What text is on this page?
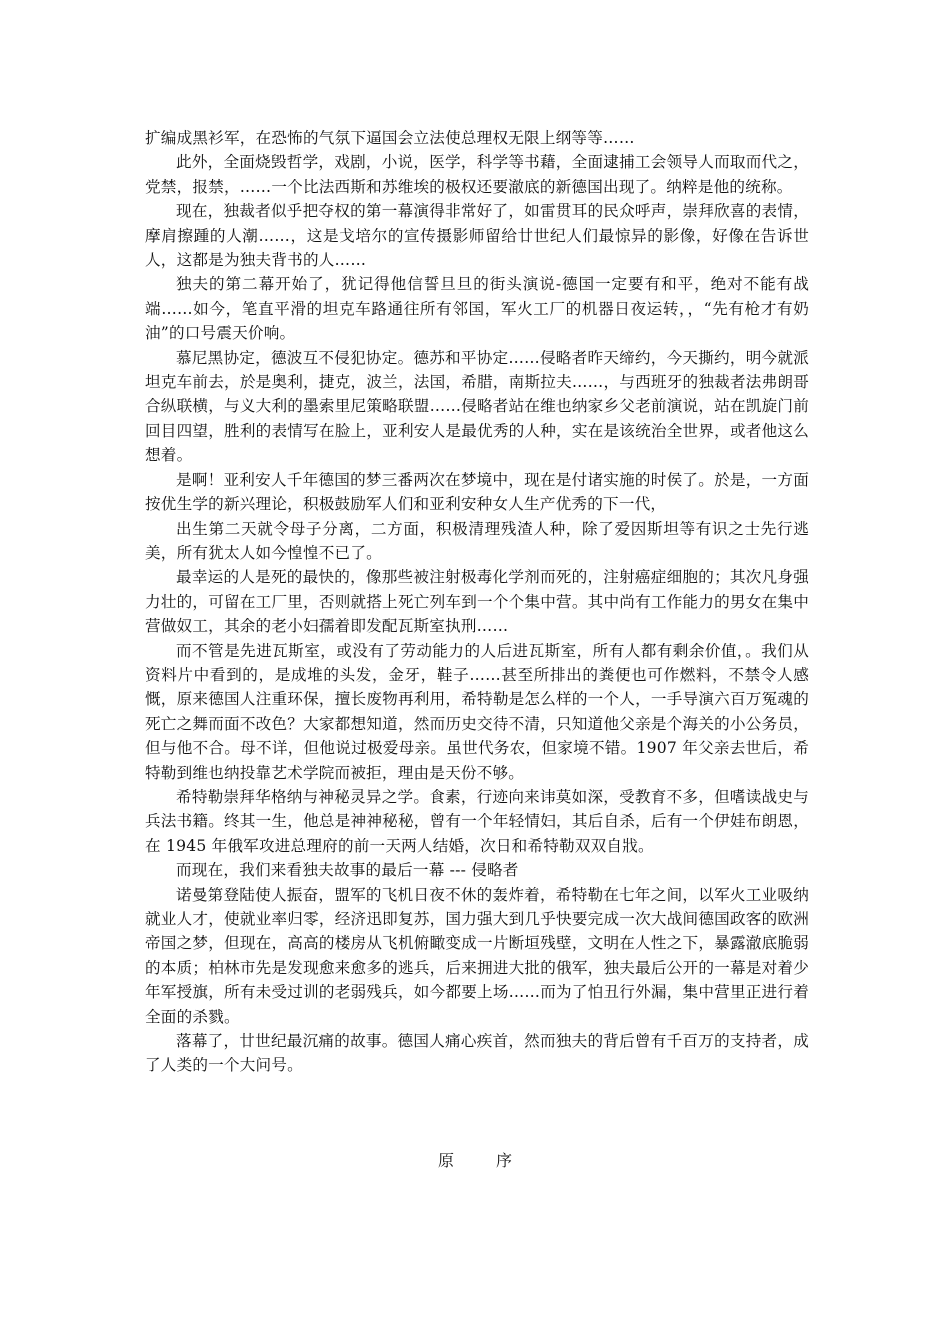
扩编成黑衫军，在恐怖的气氛下逼国会立法使总理权无限上纲等等……

此外，全面烧毁哲学，戏剧，小说，医学，科学等书藉，全面逮捕工会领导人而取而代之，党禁，报禁，……一个比法西斯和苏维埃的极权还要澈底的新德国出现了。纳粹是他的统称。

现在，独裁者似乎把夺权的第一幕演得非常好了，如雷贯耳的民众呼声，崇拜欣喜的表情，摩肩擦踵的人潮……，这是戈培尔的宣传摄影师留给廿世纪人们最惊异的影像，好像在告诉世人，这都是为独夫背书的人……

独夫的第二幕开始了，犹记得他信誓旦旦的街头演说-德国一定要有和平，绝对不能有战端……如今，笔直平滑的坦克车路通往所有邻国，军火工厂的机器日夜运转，，“先有枪才有奶油”的口号震天价响。

慕尼黑协定，德波互不侵犯协定。德苏和平协定……侵略者昨天缔约，今天撕约，明今就派坦克车前去，於是奥利，捷克，波兰，法国，希腊，南斯拉夫……，与西班牙的独裁者法弗朗哥合纵联横，与义大利的墨索里尼策略联盟……侵略者站在维也纳家乡父老前演说，站在凯旋门前回目四望，胜利的表情写在脸上，亚利安人是最优秀的人种，实在是该统治全世界，或者他这么想着。

是啊！亚利安人千年德国的梦三番两次在梦境中，现在是付诸实施的时侯了。於是，一方面按优生学的新兴理论，积极鼓励军人们和亚利安种女人生产优秀的下一代，

出生第二天就令母子分离，二方面，积极清理残渣人种，除了爱因斯坦等有识之士先行逃美，所有犹太人如今惶惶不已了。

最幸运的人是死的最快的，像那些被注射极毒化学剂而死的，注射癌症细胞的；其次凡身强力壮的，可留在工厂里，否则就搭上死亡列车到一个个集中营。其中尚有工作能力的男女在集中营做奴工，其余的老小妇孺着即发配瓦斯室执刑……

而不管是先进瓦斯室，或没有了劳动能力的人后进瓦斯室，所有人都有剩余价值，。我们从资料片中看到的，是成堆的头发，金牙，鞋子……甚至所排出的粪便也可作燃料，不禁令人感慨，原来德国人注重环保，擅长废物再利用，希特勒是怎么样的一个人，一手导演六百万冤魂的死亡之舞而面不改色？大家都想知道，然而历史交待不清，只知道他父亲是个海关的小公务员，但与他不合。母不详，但他说过极爱母亲。虽世代务农，但家境不错。1907 年父亲去世后，希特勒到维也纳投靠艺术学院而被拒，理由是天份不够。

希特勒崇拜华格纳与神秘灵异之学。食素，行迹向来讳莫如深，受教育不多，但嗜读战史与兵法书籍。终其一生，他总是神神秘秘，曾有一个年轻情妇，其后自杀，后有一个伊娃布朗恩，在 1945 年俄军攻进总理府的前一天两人结婚，次日和希特勒双双自戕。

而现在，我们来看独夫故事的最后一幕 --- 侵略者

诺曼第登陆使人振奋，盟军的飞机日夜不休的轰炸着，希特勒在七年之间，以军火工业吸纳就业人才，使就业率归零，经济迅即复苏，国力强大到几乎快要完成一次大战间德国政客的欧洲帝国之梦，但现在，高高的楼房从飞机俯瞰变成一片断垣残壁，文明在人性之下，暴露澈底脆弱的本质；柏林市先是发现愈来愈多的逃兵，后来拥进大批的俄军，独夫最后公开的一幕是对着少年军授旗，所有未受过训的老弱残兵，如今都要上场……而为了怕丑行外漏，集中营里正进行着全面的杀戮。

落幕了，廿世纪最沉痛的故事。德国人痛心疾首，然而独夫的背后曾有千百万的支持者，成了人类的一个大问号。

原序
